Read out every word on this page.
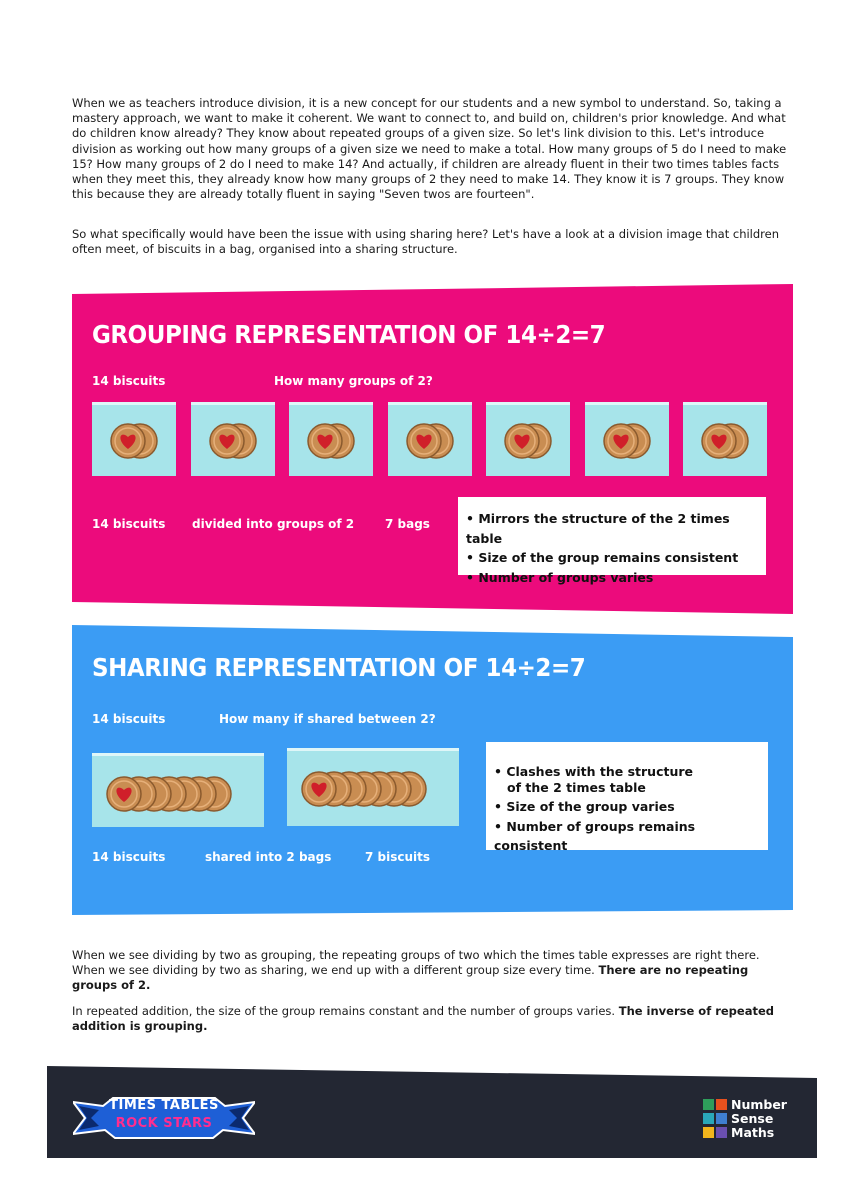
When we as teachers introduce division, it is a new concept for our students and a new symbol to understand. So, taking a mastery approach, we want to make it coherent. We want to connect to, and build on, children's prior knowledge. And what do children know already? They know about repeated groups of a given size. So let's link division to this. Let's introduce division as working out how many groups of a given size we need to make a total. How many groups of 5 do I need to make 15? How many groups of 2 do I need to make 14? And actually, if children are already fluent in their two times tables facts when they meet this, they already know how many groups of 2 they need to make 14. They know it is 7 groups. They know this because they are already totally fluent in saying "Seven twos are fourteen".

So what specifically would have been the issue with using sharing here? Let's have a look at a division image that children often meet, of biscuits in a bag, organised into a sharing structure.

GROUPING REPRESENTATION OF 14÷2=7
14 biscuits	How many groups of 2?
14 biscuits divided into groups of 2	7 bags	• Mirrors the structure of the 2 times table
• Size of the group remains consistent
• Number of groups varies
SHARING REPRESENTATION OF 14÷2=7
14 biscuits	How many if shared between 2?
14 biscuits	shared into 2 bags	7 biscuits
• Clashes with the structure
of the 2 times table
• Size of the group varies
• Number of groups remains consistent

When we see dividing by two as grouping, the repeating groups of two which the times table expresses are right there. When we see dividing by two as sharing, we end up with a different group size every time. There are no repeating groups of 2.

In repeated addition, the size of the group remains constant and the number of groups varies. The inverse of repeated addition is grouping.

TIMES TABLES
ROCK STARS
Number
Sense
Maths
